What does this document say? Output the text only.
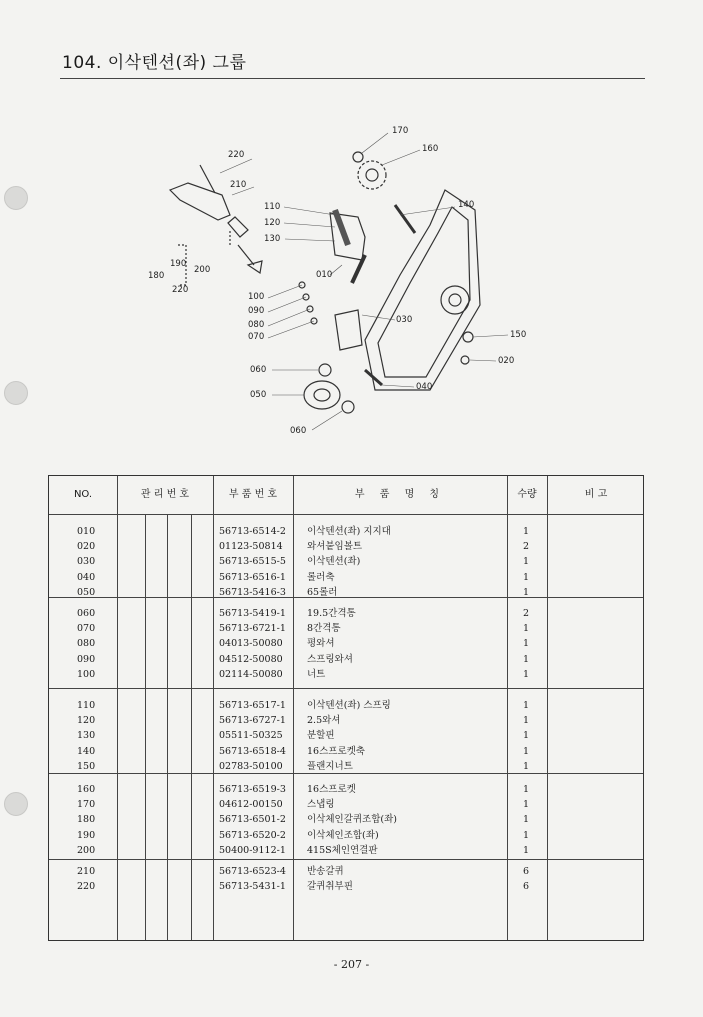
104. 이삭텐션(좌) 그룹
170
160
220
210
110
120
130
140
190
180
200
220
010
100
090
080
070
030
150
020
060
040
050
060
NO.	관 리 번 호	부 품 번 호	부 품 명 칭	수량	비 고
010	56713-6514-2 이삭텐션(좌) 지지대	1
020	01123-50814	와셔붙임볼트	2
030	56713-6515-5 이삭텐션(좌)	1
040	56713-6516-1 롤러축	1
050	56713-5416-3 65롤러	1
060	56713-5419-1 19.5간격통	2
070	56713-6721-1 8간격통	1
080	04013-50080	평와셔	1
090	04512-50080	스프링와셔	1
100	02114-50080	너트	1
110	56713-6517-1 이삭텐션(좌) 스프링	1
120	56713-6727-1 2.5와셔	1
130	05511-50325	분할핀	1
140	56713-6518-4 16스프로켓축	1
150	02783-50100	플랜지너트	1
160	56713-6519-3 16스프로켓	1
170	04612-00150	스냅링	1
180	56713-6501-2 이삭체인갈퀴조합(좌)	1
190	56713-6520-2 이삭체인조합(좌)	1
200	50400-9112-1 415S체인연결판	1
210	56713-6523-4 반송갈퀴	6
220	56713-5431-1 갈퀴취부핀	6
- 207 -
